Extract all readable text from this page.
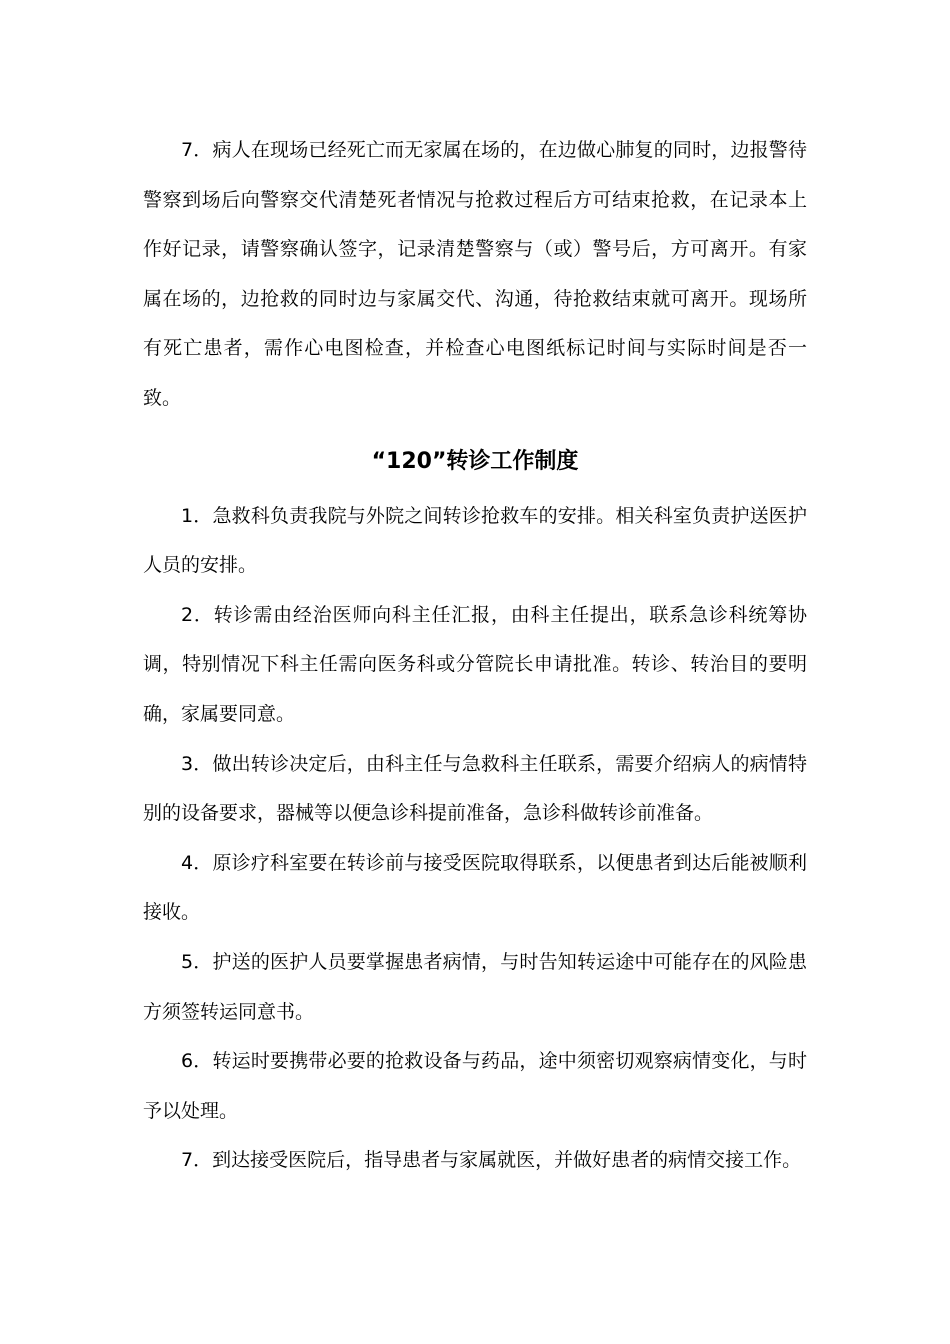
7．病人在现场已经死亡而无家属在场的，在边做心肺复的同时，边报警待警察到场后向警察交代清楚死者情况与抢救过程后方可结束抢救，在记录本上作好记录，请警察确认签字，记录清楚警察与（或）警号后，方可离开。有家属在场的，边抢救的同时边与家属交代、沟通，待抢救结束就可离开。现场所有死亡患者，需作心电图检查，并检查心电图纸标记时间与实际时间是否一致。

“120”转诊工作制度

1．急救科负责我院与外院之间转诊抢救车的安排。相关科室负责护送医护人员的安排。

2．转诊需由经治医师向科主任汇报，由科主任提出，联系急诊科统筹协调，特别情况下科主任需向医务科或分管院长申请批准。转诊、转治目的要明确，家属要同意。

3．做出转诊决定后，由科主任与急救科主任联系，需要介绍病人的病情特别的设备要求，器械等以便急诊科提前准备，急诊科做转诊前准备。

4．原诊疗科室要在转诊前与接受医院取得联系，以便患者到达后能被顺利接收。

5．护送的医护人员要掌握患者病情，与时告知转运途中可能存在的风险患方须签转运同意书。

6．转运时要携带必要的抢救设备与药品，途中须密切观察病情变化，与时予以处理。

7．到达接受医院后，指导患者与家属就医，并做好患者的病情交接工作。
